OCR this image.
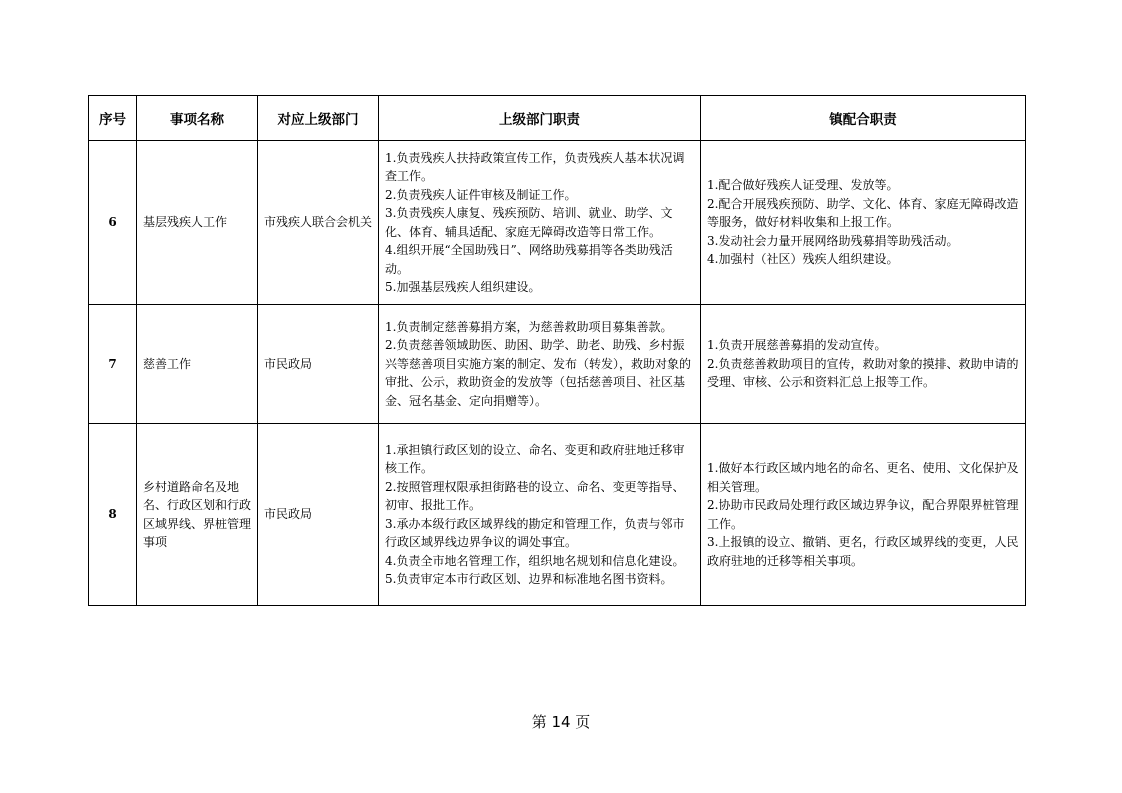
序号	事项名称	对应上级部门	上级部门职责	镇配合职责
6	基层残疾人工作	市残疾人联合会机关	1.负责残疾人扶持政策宣传工作，负责残疾人基本状况调查工作。
2.负责残疾人证件审核及制证工作。
3.负责残疾人康复、残疾预防、培训、就业、助学、文化、体育、辅具适配、家庭无障碍改造等日常工作。
4.组织开展“全国助残日”、网络助残募捐等各类助残活动。
5.加强基层残疾人组织建设。	1.配合做好残疾人证受理、发放等。
2.配合开展残疾预防、助学、文化、体育、家庭无障碍改造等服务，做好材料收集和上报工作。
3.发动社会力量开展网络助残募捐等助残活动。
4.加强村（社区）残疾人组织建设。

7	慈善工作	市民政局	1.负责制定慈善募捐方案，为慈善救助项目募集善款。
2.负责慈善领域助医、助困、助学、助老、助残、乡村振兴等慈善项目实施方案的制定、发布（转发），救助对象的审批、公示，救助资金的发放等（包括慈善项目、社区基金、冠名基金、定向捐赠等）。	1.负责开展慈善募捐的发动宣传。
2.负责慈善救助项目的宣传，救助对象的摸排、救助申请的受理、审核、公示和资料汇总上报等工作。

8	乡村道路命名及地名、行政区划和行政区域界线、界桩管理事项	市民政局	1.承担镇行政区划的设立、命名、变更和政府驻地迁移审核工作。
2.按照管理权限承担街路巷的设立、命名、变更等指导、初审、报批工作。
3.承办本级行政区域界线的勘定和管理工作，负责与邻市行政区域界线边界争议的调处事宜。
4.负责全市地名管理工作，组织地名规划和信息化建设。
5.负责审定本市行政区划、边界和标准地名图书资料。	1.做好本行政区域内地名的命名、更名、使用、文化保护及相关管理。
2.协助市民政局处理行政区域边界争议，配合界限界桩管理工作。
3.上报镇的设立、撤销、更名，行政区域界线的变更，人民政府驻地的迁移等相关事项。
第 14 页
